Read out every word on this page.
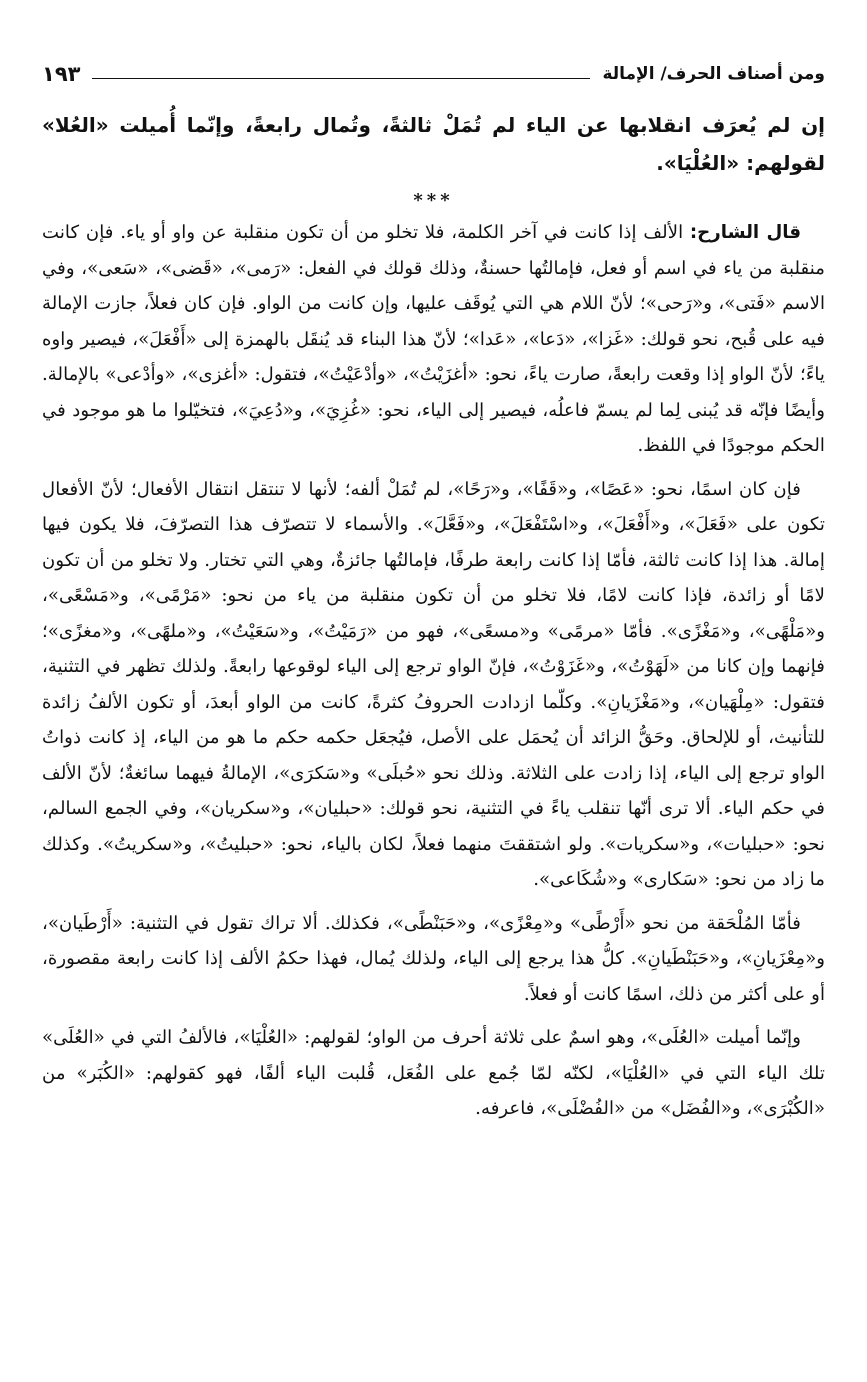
ومن أصناف الحرف/ الإمالة
١٩٣
إن لم يُعرَف انقلابها عن الياء لم تُمَلْ ثالثةً، وتُمال رابعةً، وإنّما أُميلت «العُلا» لقولهم: «العُلْيَا».
***

قال الشارح: الألف إذا كانت في آخر الكلمة، فلا تخلو من أن تكون منقلبة عن واو أو ياء. فإن كانت منقلبة من ياء في اسم أو فعل، فإمالتُها حسنةٌ، وذلك قولك في الفعل: «رَمى»، «قَضى»، «سَعى»، وفي الاسم «فَتى»، و«رَحى»؛ لأنّ اللام هي التي يُوقَف عليها، وإن كانت من الواو. فإن كان فعلاً، جازت الإمالة فيه على قُبح، نحو قولك: «غَزا»، «دَعا»، «عَدا»؛ لأنّ هذا البناء قد يُنقَل بالهمزة إلى «أَفْعَلَ»، فيصير واوه ياءً؛ لأنّ الواو إذا وقعت رابعةً، صارت ياءً، نحو: «أغزَيْتُ»، «وأدْعَيْتُ»، فتقول: «أغزى»، «وأدْعى» بالإمالة. وأيضًا فإنّه قد يُبنى لِما لم يسمّ فاعلُه، فيصير إلى الياء، نحو: «غُزِيَ»، و«دُعِيَ»، فتخيّلوا ما هو موجود في الحكم موجودًا في اللفظ.

فإن كان اسمًا، نحو: «عَصًا»، و«قَفًا»، و«رَحًا»، لم تُمَلْ ألفه؛ لأنها لا تنتقل انتقال الأفعال؛ لأنّ الأفعال تكون على «فَعَلَ»، و«أَفْعَلَ»، و«اسْتَفْعَلَ»، و«فَعَّلَ». والأسماء لا تتصرّف هذا التصرّفَ، فلا يكون فيها إمالة. هذا إذا كانت ثالثة، فأمّا إذا كانت رابعة طرفًا، فإمالتُها جائزةٌ، وهي التي تختار. ولا تخلو من أن تكون لامًا أو زائدة، فإذا كانت لامًا، فلا تخلو من أن تكون منقلبة من ياء من نحو: «مَرْمًى»، و«مَسْعًى»، و«مَلْهًى»، و«مَغْزًى». فأمّا «مرمًى» و«مسعًى»، فهو من «رَمَيْتُ»، و«سَعَيْتُ»، و«ملهًى»، و«مغزًى»؛ فإنهما وإن كانا من «لَهَوْتُ»، و«غَزَوْتُ»، فإنّ الواو ترجع إلى الياء لوقوعها رابعةً. ولذلك تظهر في التثنية، فتقول: «مِلْهَيان»، و«مَغْزَيانِ». وكلّما ازدادت الحروفُ كثرةً، كانت من الواو أبعدَ، أو تكون الألفُ زائدة للتأنيث، أو للإلحاق. وحَقُّ الزائد أن يُحمَل على الأصل، فيُجعَل حكمه حكم ما هو من الياء، إذ كانت ذواتُ الواو ترجع إلى الياء، إذا زادت على الثلاثة. وذلك نحو «حُبلَى» و«سَكرَى»، الإمالةُ فيهما سائغةٌ؛ لأنّ الألف في حكم الياء. ألا ترى أنّها تنقلب ياءً في التثنية، نحو قولك: «حبليان»، و«سكريان»، وفي الجمع السالم، نحو: «حبليات»، و«سكريات». ولو اشتققتَ منهما فعلاً، لكان بالياء، نحو: «حبليتُ»، و«سكريتُ». وكذلك ما زاد من نحو: «سَكارى» و«شُكَاعى».

فأمّا المُلْحَقة من نحو «أَرْطًى» و«مِعْزًى»، و«حَبَنْطًى»، فكذلك. ألا تراك تقول في التثنية: «أَرْطَيان»، و«مِعْزَيانِ»، و«حَبَنْطَيانِ». كلُّ هذا يرجع إلى الياء، ولذلك يُمال، فهذا حكمُ الألف إذا كانت رابعة مقصورة، أو على أكثر من ذلك، اسمًا كانت أو فعلاً.

وإنّما أميلت «العُلَى»، وهو اسمٌ على ثلاثة أحرف من الواو؛ لقولهم: «العُلْيَا»، فالألفُ التي في «العُلَى» تلك الياء التي في «العُلْيَا»، لكنّه لمّا جُمع على الفُعَل، قُلبت الياء ألفًا، فهو كقولهم: «الكُبَر» من «الكُبْرَى»، و«الفُضَل» من «الفُضْلَى»، فاعرفه.
